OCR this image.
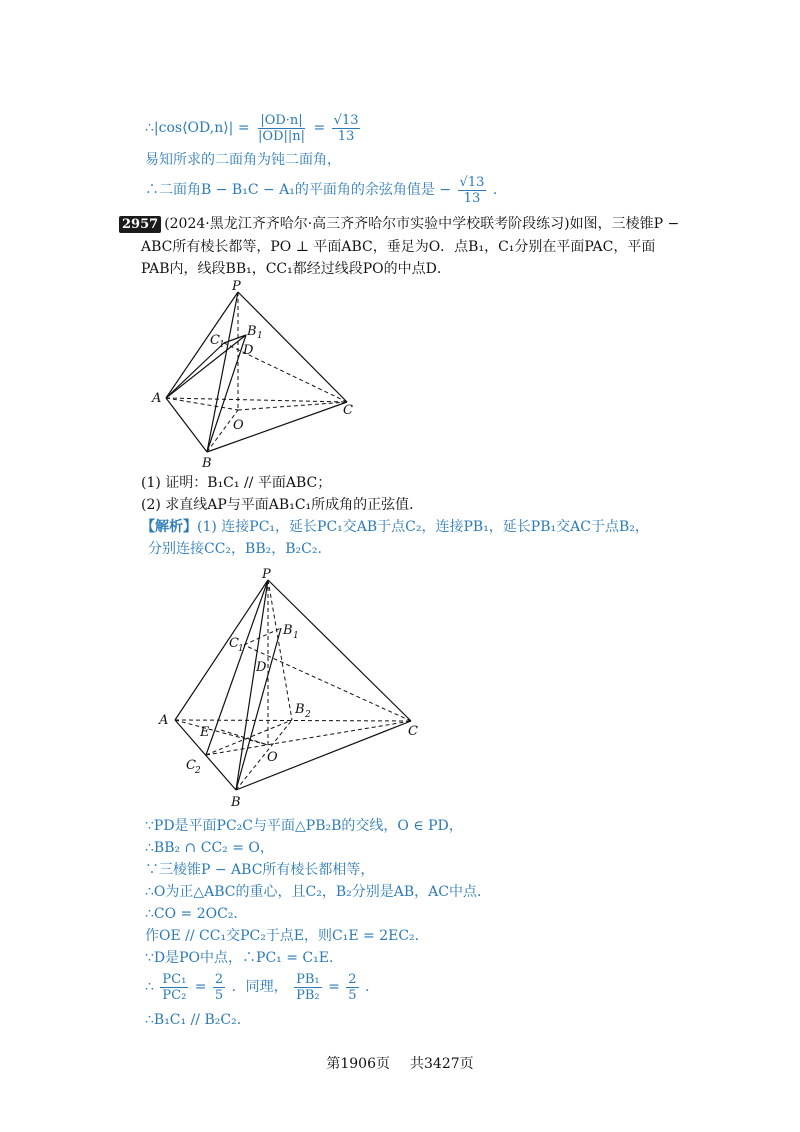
∴|cos⟨OD,n⟩| = $\frac{|OD\cdot n|}{|OD||n|} = \frac{√13}{13}$
易知所求的二面角为钝二面角，
∴二面角B − B₁C − A₁的平面角的余弦角值是 − $\frac{√13}{13}$ .
2957 (2024·黑龙江齐齐哈尔·高三齐齐哈尔市实验中学校联考阶段练习)如图，三棱锥P −
ABC所有棱长都等，PO ⊥ 平面ABC，垂足为O．点B₁，C₁分别在平面PAC，平面
PAB内，线段BB₁，CC₁都经过线段PO的中点D．
P
A
B
C
O
D
B 1
C 1
(1) 证明：B₁C₁ // 平面ABC；
(2) 求直线AP与平面AB₁C₁所成角的正弦值．
【解析】(1) 连接PC₁，延长PC₁交AB于点C₂，连接PB₁，延长PB₁交AC于点B₂，
分别连接CC₂，BB₂，B₂C₂．
P
A
B
C
O
D
E
B 1
C 1
B 2
C 2
∵PD是平面PC₂C与平面△PB₂B的交线，O ∈ PD，
∴BB₂ ∩ CC₂ = O，
∵三棱锥P − ABC所有棱长都相等，
∴O为正△ABC的重心，且C₂，B₂分别是AB，AC中点．
∴CO = 2OC₂．
作OE // CC₁交PC₂于点E，则C₁E = 2EC₂．
∵D是PO中点，∴PC₁ = C₁E．
∴ $\frac{\text{PC₁}}{\text{PC₂}} = \frac{2}{5}$ ．同理， $\frac{\text{PB₁}}{\text{PB₂}} = \frac{2}{5}$ .
∴B₁C₁ // B₂C₂．
第1906页 共3427页
